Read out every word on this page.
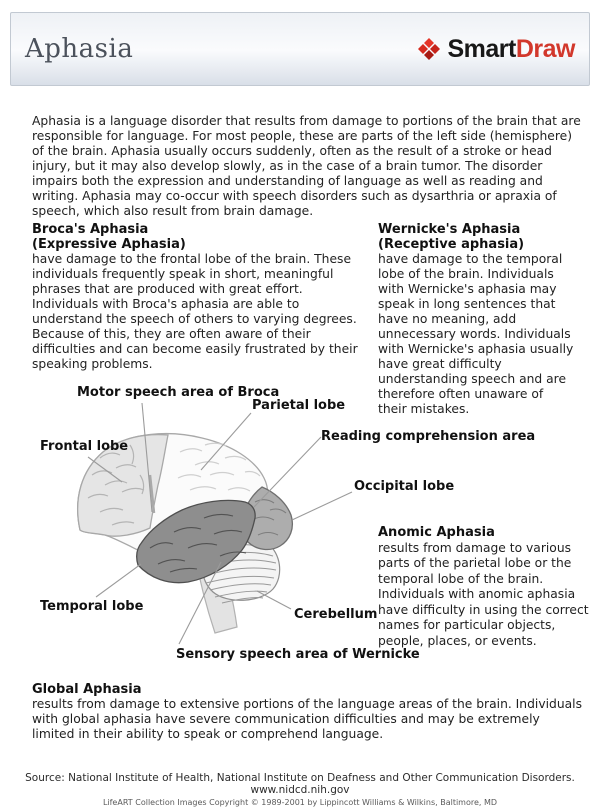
Aphasia	SmartDraw

Aphasia is a language disorder that results from damage to portions of the brain that are responsible for language. For most people, these are parts of the left side (hemisphere) of the brain. Aphasia usually occurs suddenly, often as the result of a stroke or head injury, but it may also develop slowly, as in the case of a brain tumor. The disorder impairs both the expression and understanding of language as well as reading and writing. Aphasia may co-occur with speech disorders such as dysarthria or apraxia of speech, which also result from brain damage.

Broca's Aphasia
(Expressive Aphasia)
have damage to the frontal lobe of the brain. These individuals frequently speak in short, meaningful phrases that are produced with great effort. Individuals with Broca's aphasia are able to understand the speech of others to varying degrees. Because of this, they are often aware of their difficulties and can become easily frustrated by their speaking problems.
Wernicke's Aphasia
(Receptive aphasia)
have damage to the temporal lobe of the brain. Individuals with Wernicke's aphasia may speak in long sentences that have no meaning, add unnecessary words. Individuals with Wernicke's aphasia usually have great difficulty understanding speech and are therefore often unaware of their mistakes.
Motor speech area of Broca
Parietal lobe
Frontal lobe
Reading comprehension area
Occipital lobe
Temporal lobe
Cerebellum
Sensory speech area of Wernicke
Anomic Aphasia
results from damage to various parts of the parietal lobe or the temporal lobe of the brain. Individuals with anomic aphasia have difficulty in using the correct names for particular objects, people, places, or events.
Global Aphasia
results from damage to extensive portions of the language areas of the brain. Individuals with global aphasia have severe communication difficulties and may be extremely limited in their ability to speak or comprehend language.
Source: National Institute of Health, National Institute on Deafness and Other Communication Disorders. www.nidcd.nih.gov
LifeART Collection Images Copyright © 1989-2001 by Lippincott Williams & Wilkins, Baltimore, MD
